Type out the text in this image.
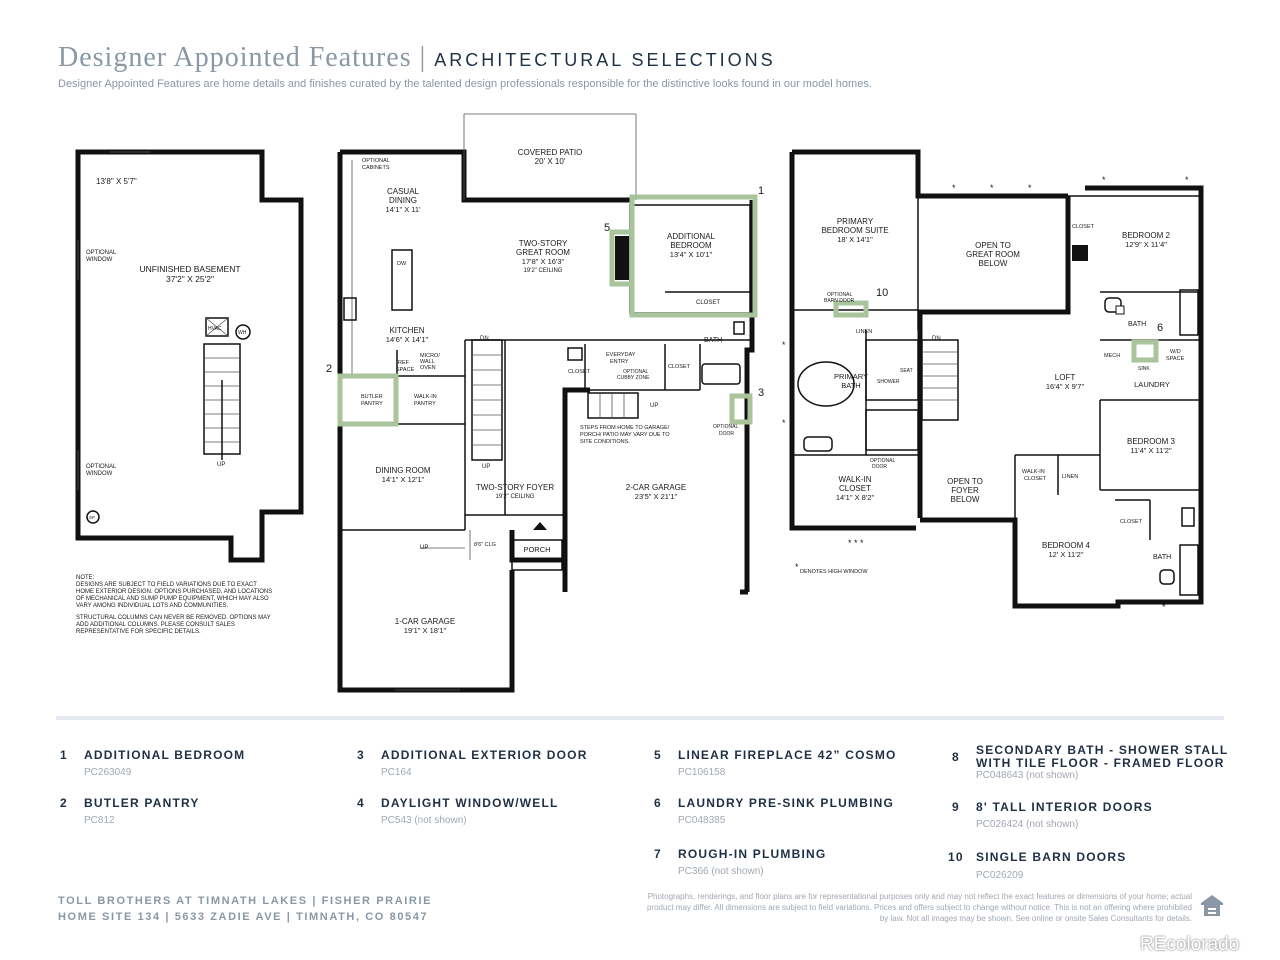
Designer Appointed Features | ARCHITECTURAL SELECTIONS
Designer Appointed Features are home details and finishes curated by the talented design professionals responsible for the distinctive looks found in our model homes.
13'8" X 5'7"
OPTIONAL
WINDOW
UNFINISHED BASEMENT
37'2" X 25'2"
HVAC
WH
UP
OPTIONAL
WINDOW
SP
NOTE:
DESIGNS ARE SUBJECT TO FIELD VARIATIONS DUE TO EXACT
HOME EXTERIOR DESIGN. OPTIONS PURCHASED, AND LOCATIONS
OF MECHANICAL AND SUMP PUMP EQUIPMENT, WHICH MAY ALSO
VARY AMONG INDIVIDUAL LOTS AND COMMUNITIES.
STRUCTURAL COLUMNS CAN NEVER BE REMOVED. OPTIONS MAY
ADD ADDITIONAL COLUMNS. PLEASE CONSULT SALES
REPRESENTATIVE FOR SPECIFIC DETAILS.
COVERED PATIO
20' X 10'
OPTIONAL
CABINETS
CASUAL
DINING
14'1" X 11'
TWO-STORY
GREAT ROOM
17'8" X 16'3"
19'2" CEILING
ADDITIONAL
BEDROOM
13'4" X 10'1"
CLOSET
DW
KITCHEN
14'6" X 14'1"
MICRO/
WALL
OVEN
REF
SPACE
BUTLER
PANTRY
WALK-IN
PANTRY
DN	BATH
EVERYDAY
ENTRY
OPTIONAL
CUBBY ZONE
CLOSET
CLOSET
UP
STEPS FROM HOME TO GARAGE/
PORCH/ PATIO MAY VARY DUE TO
SITE CONDITIONS.
OPTIONAL
DOOR
DINING ROOM
14'1" X 12'1"
TWO-STORY FOYER
19'2" CEILING
UP
2-CAR GARAGE
23'5" X 21'1"
UP	8'6" CLG	PORCH
1-CAR GARAGE
19'1" X 18'1"
*
*
* * *
*	*	*
*	*
*
*
PRIMARY
BEDROOM SUITE
18' X 14'1"
OPTIONAL
BARN DOOR
OPEN TO
GREAT ROOM
BELOW
CLOSET
BEDROOM 2
12'9" X 11'4"
LINEN
DN
BATH
MECH
SINK
W/D
SPACE
PRIMARY
BATH
SEAT
SHOWER	LOFT
16'4" X 9'7"	LAUNDRY
BEDROOM 3
11'4" X 11'2"
OPTIONAL
DOOR
WALK-IN
CLOSET
14'1" X 8'2"
OPEN TO
FOYER
BELOW
WALK-IN
CLOSET	LINEN
CLOSET
BATH
BEDROOM 4
12' X 11'2"
DENOTES HIGH WINDOW
1
2
3
5
6
10
1 ADDITIONAL BEDROOM
PC263049
2 BUTLER PANTRY
PC812
3 ADDITIONAL EXTERIOR DOOR
PC164
4 DAYLIGHT WINDOW/WELL
PC543 (not shown)
5 LINEAR FIREPLACE 42” COSMO
PC106158
6 LAUNDRY PRE-SINK PLUMBING
PC048385
7 ROUGH-IN PLUMBING
PC366 (not shown)
8	SECONDARY BATH - SHOWER STALL
WITH TILE FLOOR - FRAMED FLOOR
PC048643 (not shown)
9 8' TALL INTERIOR DOORS
PC026424 (not shown)
10 SINGLE BARN DOORS
PC026209
TOLL BROTHERS AT TIMNATH LAKES | FISHER PRAIRIE
HOME SITE 134 | 5633 ZADIE AVE | TIMNATH, CO 80547
Photographs, renderings, and floor plans are for representational purposes only and may not reflect the exact features or dimensions of your home; actual product may differ. All dimensions are subject to field variations. Prices and offers subject to change without notice. This is not an offering where prohibited by law. Not all images may be shown. See online or onsite Sales Consultants for details.
REcolorado
